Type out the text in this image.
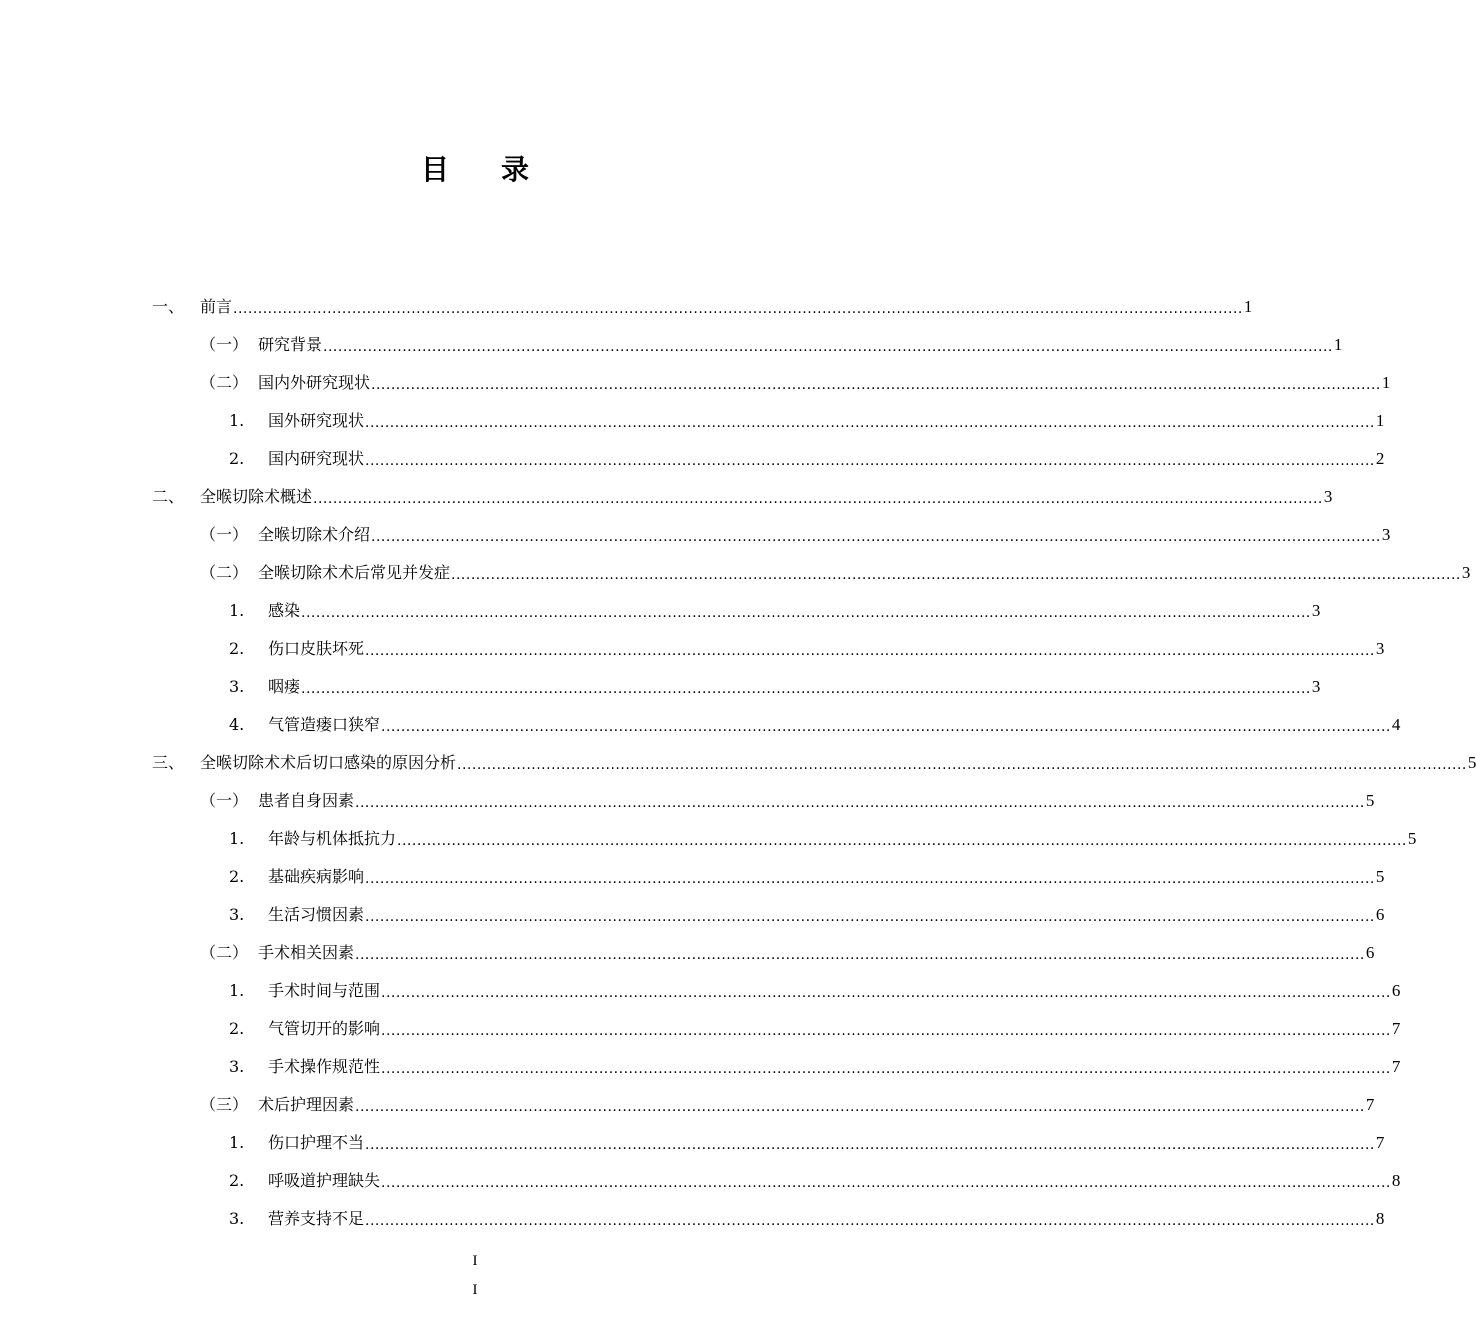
目录
一、 前言 ............................................................................................................................................................................................................ 1
（一） 研究背景 ............................................................................................................................................................................................................ 1
（二） 国内外研究现状 ............................................................................................................................................................................................................ 1
1.	国外研究现状 ............................................................................................................................................................................................................ 1
2.	国内研究现状 ............................................................................................................................................................................................................ 2
二、 全喉切除术概述 ............................................................................................................................................................................................................ 3
（一） 全喉切除术介绍 ............................................................................................................................................................................................................ 3
（二） 全喉切除术术后常见并发症 ............................................................................................................................................................................................................ 3
1.	感染 ............................................................................................................................................................................................................ 3
2.	伤口皮肤坏死 ............................................................................................................................................................................................................ 3
3.	咽瘘 ............................................................................................................................................................................................................ 3
4.	气管造瘘口狭窄 ............................................................................................................................................................................................................ 4
三、 全喉切除术术后切口感染的原因分析 ............................................................................................................................................................................................................ 5
（一） 患者自身因素 ............................................................................................................................................................................................................ 5
1.	年龄与机体抵抗力 ............................................................................................................................................................................................................ 5
2.	基础疾病影响 ............................................................................................................................................................................................................ 5
3.	生活习惯因素 ............................................................................................................................................................................................................ 6
（二） 手术相关因素 ............................................................................................................................................................................................................ 6
1.	手术时间与范围 ............................................................................................................................................................................................................ 6
2.	气管切开的影响 ............................................................................................................................................................................................................ 7
3.	手术操作规范性 ............................................................................................................................................................................................................ 7
（三） 术后护理因素 ............................................................................................................................................................................................................ 7
1.	伤口护理不当 ............................................................................................................................................................................................................ 7
2.	呼吸道护理缺失 ............................................................................................................................................................................................................ 8
3.	营养支持不足 ............................................................................................................................................................................................................ 8
I
I
